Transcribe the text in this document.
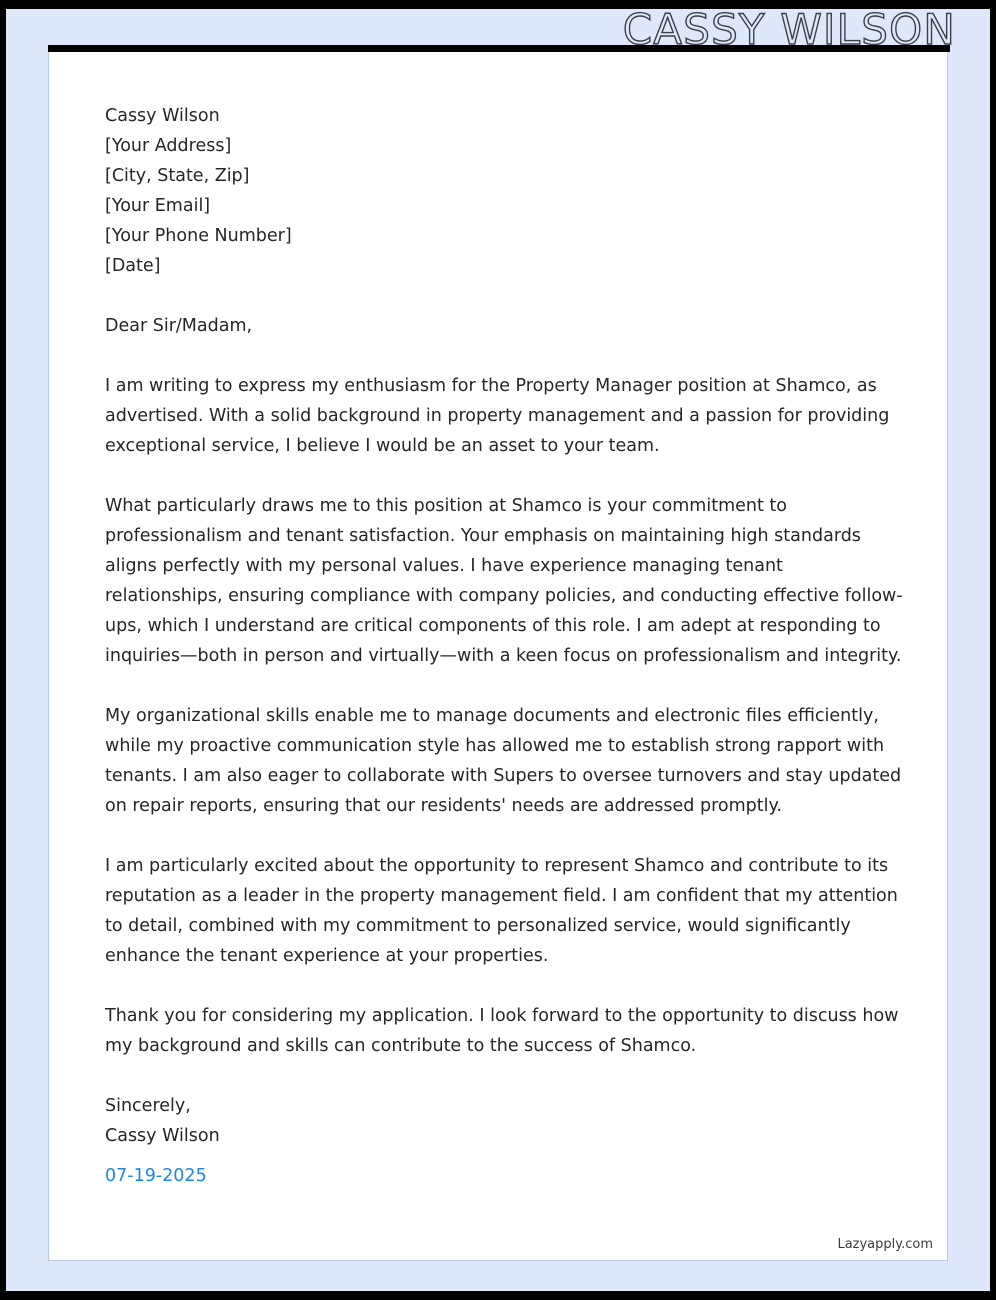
CASSY WILSON
Cassy Wilson
[Your Address]
[City, State, Zip]
[Your Email]
[Your Phone Number]
[Date]
Dear Sir/Madam,

I am writing to express my enthusiasm for the Property Manager position at Shamco, as advertised. With a solid background in property management and a passion for providing exceptional service, I believe I would be an asset to your team.

What particularly draws me to this position at Shamco is your commitment to professionalism and tenant satisfaction. Your emphasis on maintaining high standards aligns perfectly with my personal values. I have experience managing tenant relationships, ensuring compliance with company policies, and conducting effective follow-ups, which I understand are critical components of this role. I am adept at responding to inquiries—both in person and virtually—with a keen focus on professionalism and integrity.

My organizational skills enable me to manage documents and electronic files efficiently, while my proactive communication style has allowed me to establish strong rapport with tenants. I am also eager to collaborate with Supers to oversee turnovers and stay updated on repair reports, ensuring that our residents' needs are addressed promptly.

I am particularly excited about the opportunity to represent Shamco and contribute to its reputation as a leader in the property management field. I am confident that my attention to detail, combined with my commitment to personalized service, would significantly enhance the tenant experience at your properties.

Thank you for considering my application. I look forward to the opportunity to discuss how my background and skills can contribute to the success of Shamco.

Sincerely,
Cassy Wilson
07-19-2025
Lazyapply.com
